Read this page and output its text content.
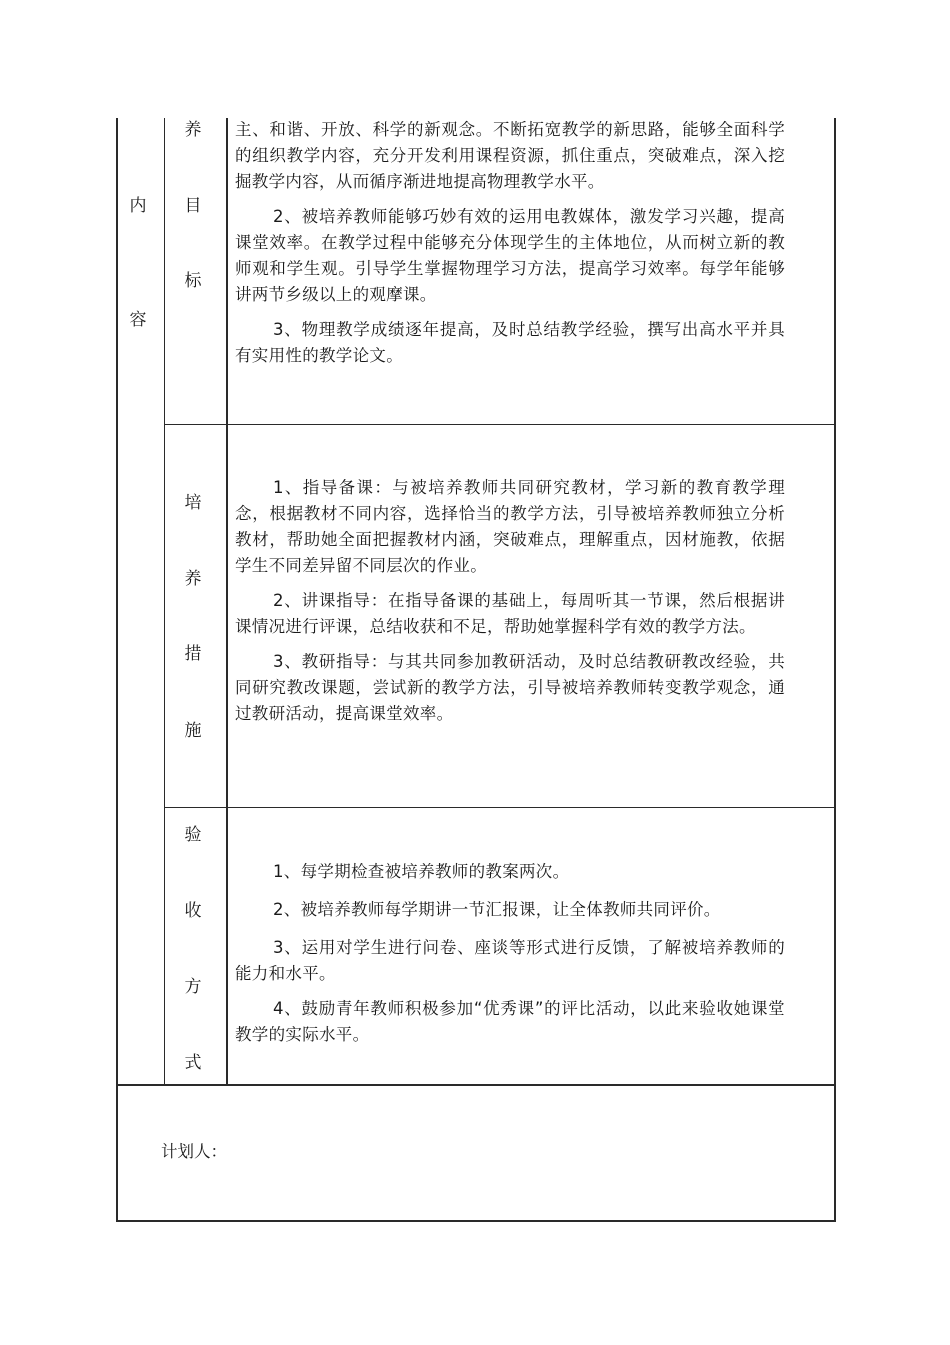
内
容
养
目
标

主、和谐、开放、科学的新观念。不断拓宽教学的新思路，能够全面科学的组织教学内容，充分开发利用课程资源，抓住重点，突破难点，深入挖掘教学内容，从而循序渐进地提高物理教学水平。

2、被培养教师能够巧妙有效的运用电教媒体，激发学习兴趣，提高课堂效率。在教学过程中能够充分体现学生的主体地位，从而树立新的教师观和学生观。引导学生掌握物理学习方法，提高学习效率。每学年能够讲两节乡级以上的观摩课。

3、物理教学成绩逐年提高，及时总结教学经验，撰写出高水平并具有实用性的教学论文。

培
养
措
施

1、指导备课：与被培养教师共同研究教材，学习新的教育教学理念，根据教材不同内容，选择恰当的教学方法，引导被培养教师独立分析教材，帮助她全面把握教材内涵，突破难点，理解重点，因材施教，依据学生不同差异留不同层次的作业。

2、讲课指导：在指导备课的基础上，每周听其一节课，然后根据讲课情况进行评课，总结收获和不足，帮助她掌握科学有效的教学方法。

3、教研指导：与其共同参加教研活动，及时总结教研教改经验，共同研究教改课题，尝试新的教学方法，引导被培养教师转变教学观念，通过教研活动，提高课堂效率。

验
收
方
式

1、每学期检查被培养教师的教案两次。

2、被培养教师每学期讲一节汇报课，让全体教师共同评价。

3、运用对学生进行问卷、座谈等形式进行反馈，了解被培养教师的能力和水平。

4、鼓励青年教师积极参加“优秀课”的评比活动，以此来验收她课堂教学的实际水平。

计划人：
